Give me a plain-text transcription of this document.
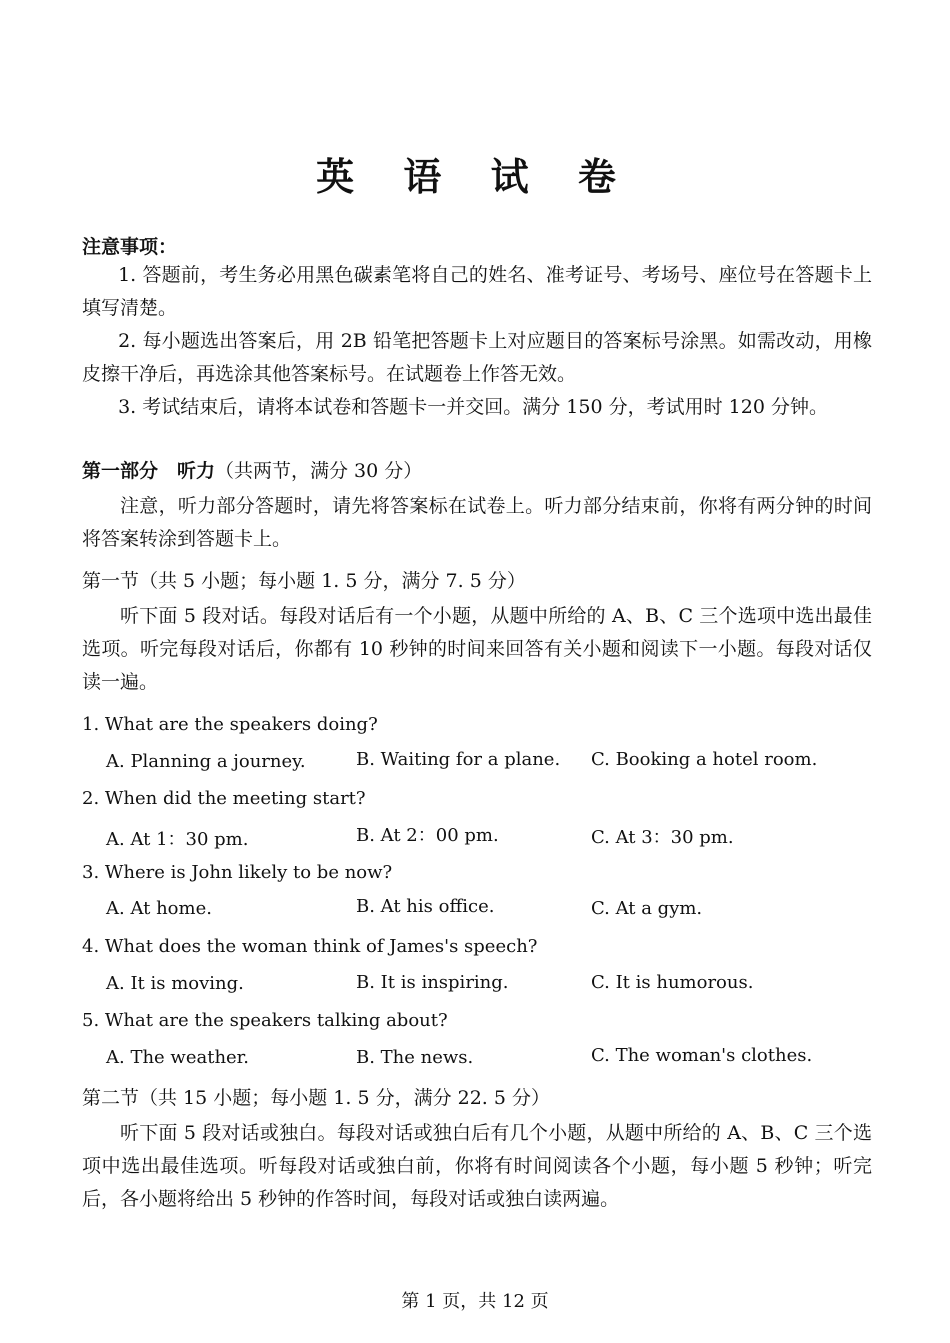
英 语 试 卷
注意事项：
1. 答题前，考生务必用黑色碳素笔将自己的姓名、准考证号、考场号、座位号在答题卡上填写清楚。
2. 每小题选出答案后，用 2B 铅笔把答题卡上对应题目的答案标号涂黑。如需改动，用橡皮擦干净后，再选涂其他答案标号。在试题卷上作答无效。
3. 考试结束后，请将本试卷和答题卡一并交回。满分 150 分，考试用时 120 分钟。
第一部分　听力（共两节，满分 30 分）
注意，听力部分答题时，请先将答案标在试卷上。听力部分结束前，你将有两分钟的时间将答案转涂到答题卡上。
第一节（共 5 小题；每小题 1. 5 分，满分 7. 5 分）
听下面 5 段对话。每段对话后有一个小题，从题中所给的 A、B、C 三个选项中选出最佳选项。听完每段对话后，你都有 10 秒钟的时间来回答有关小题和阅读下一小题。每段对话仅读一遍。
1. What are the speakers doing?
A. Planning a journey.	B. Waiting for a plane. C. Booking a hotel room.
2. When did the meeting start?
A. At 1：30 pm.	B. At 2：00 pm.	C. At 3：30 pm.
3. Where is John likely to be now?
A. At home.	B. At his office.	C. At a gym.
4. What does the woman think of James's speech?
A. It is moving.	B. It is inspiring.	C. It is humorous.
5. What are the speakers talking about?
A. The weather.	B. The news.	C. The woman's clothes.
第二节（共 15 小题；每小题 1. 5 分，满分 22. 5 分）
听下面 5 段对话或独白。每段对话或独白后有几个小题，从题中所给的 A、B、C 三个选项中选出最佳选项。听每段对话或独白前，你将有时间阅读各个小题，每小题 5 秒钟；听完后，各小题将给出 5 秒钟的作答时间，每段对话或独白读两遍。
第 1 页，共 12 页
